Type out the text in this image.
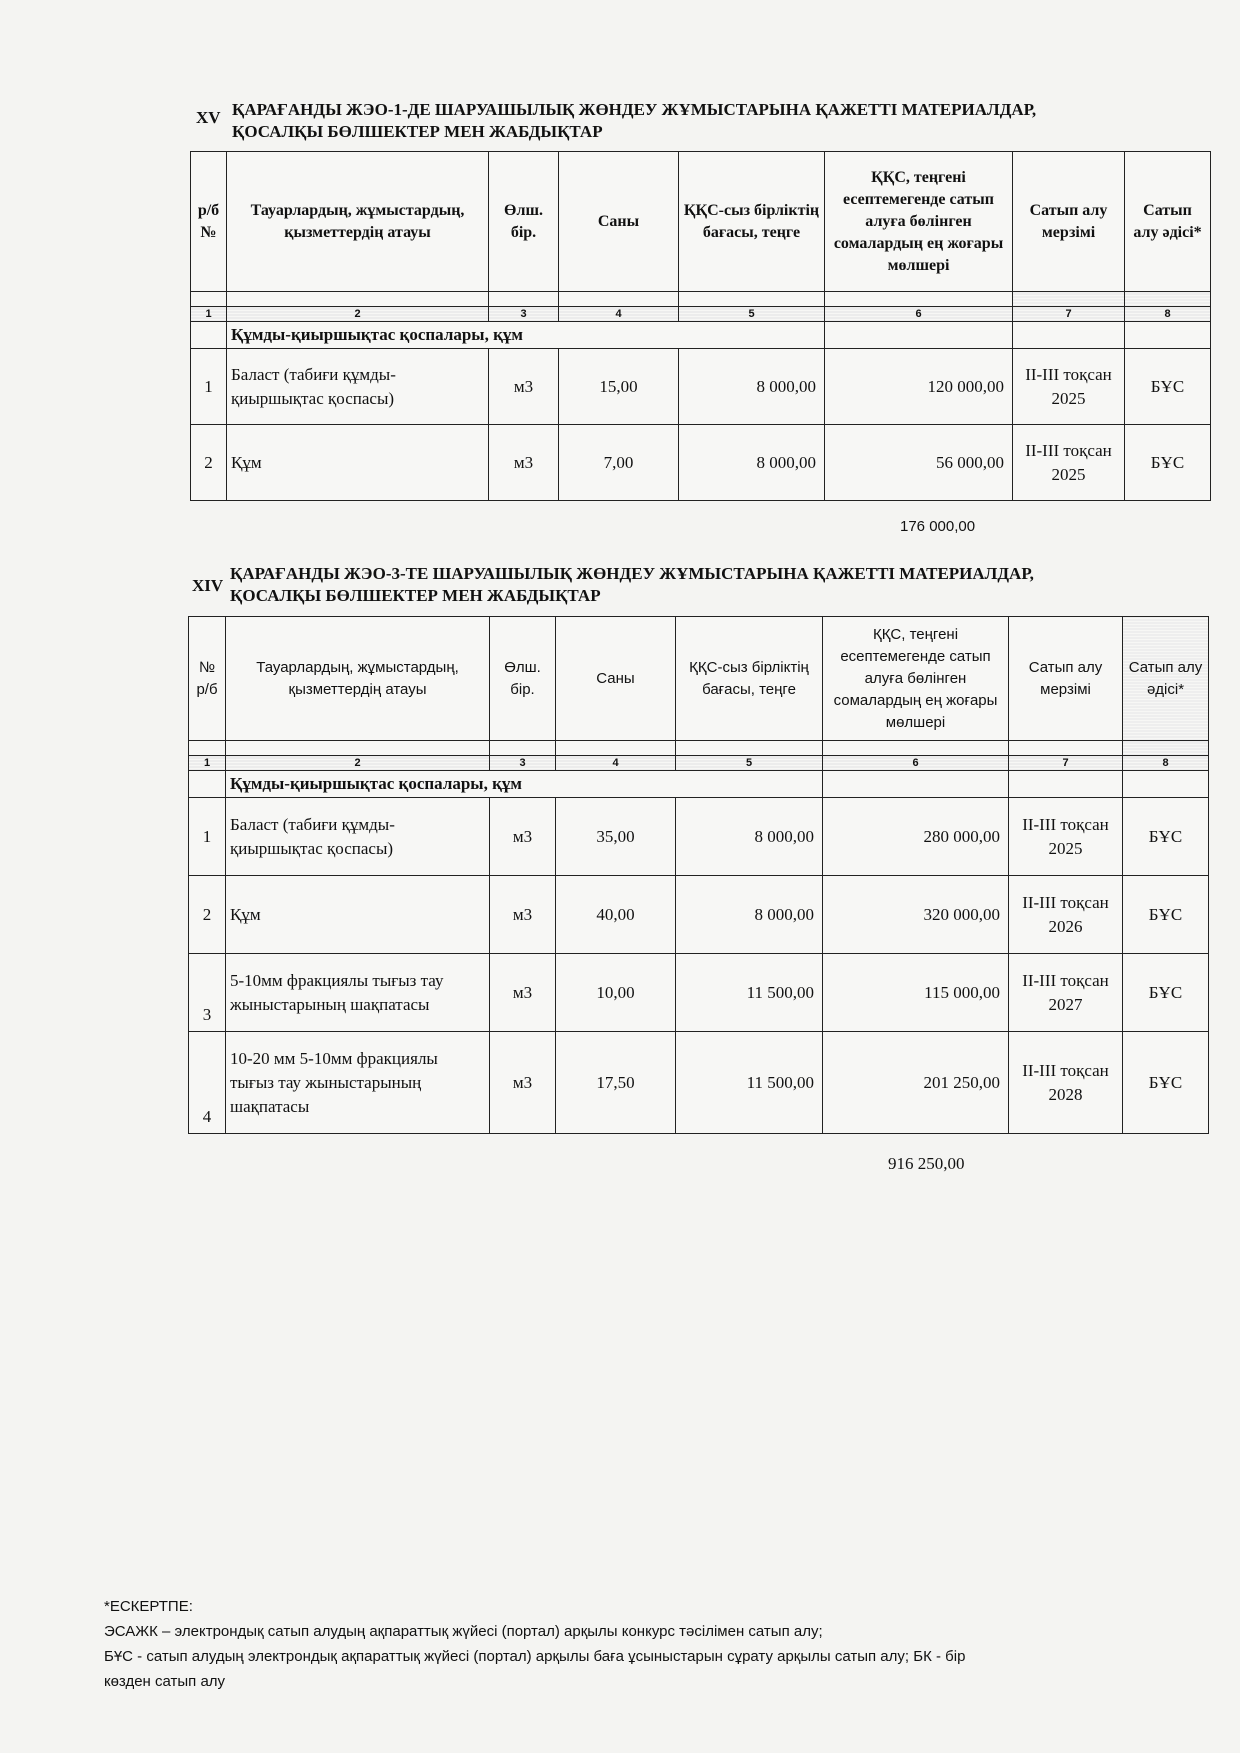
XV ҚАРАҒАНДЫ ЖЭО-1-ДЕ ШАРУАШЫЛЫҚ ЖӨНДЕУ ЖҰМЫСТАРЫНА ҚАЖЕТТІ МАТЕРИАЛДАР,
ҚОСАЛҚЫ БӨЛШЕКТЕР МЕН ЖАБДЫҚТАР
р/б №	Тауарлардың, жұмыстардың, қызметтердің атауы	Өлш. бір.	Саны	ҚҚС-сыз бірліктің бағасы, теңге	ҚҚС, теңгені есептемегенде сатып алуға бөлінген сомалардың ең жоғары мөлшері	Сатып алу мерзімі	Сатып алу әдісі*

1	2	3	4	5	6	7	8
	Құмды-қиыршықтас қоспалары, құм						
1	Баласт (табиғи құмды-қиыршықтас қоспасы)	м3	15,00	8 000,00	120 000,00	II-III тоқсан 2025	БҰС
2	Құм	м3	7,00	8 000,00	56 000,00	II-III тоқсан 2025	БҰС
176 000,00
XIV
ҚАРАҒАНДЫ ЖЭО-3-ТЕ ШАРУАШЫЛЫҚ ЖӨНДЕУ ЖҰМЫСТАРЫНА ҚАЖЕТТІ МАТЕРИАЛДАР,
ҚОСАЛҚЫ БӨЛШЕКТЕР МЕН ЖАБДЫҚТАР
№ р/б	Тауарлардың, жұмыстардың, қызметтердің атауы	Өлш. бір.	Саны	ҚҚС-сыз бірліктің бағасы, теңге	ҚҚС, теңгені есептемегенде сатып алуға бөлінген сомалардың ең жоғары мөлшері	Сатып алу мерзімі	Сатып алу әдісі*

1	2	3	4	5	6	7	8
	Құмды-қиыршықтас қоспалары, құм						
1	Баласт (табиғи құмды-қиыршықтас қоспасы)	м3	35,00	8 000,00	280 000,00	II-III тоқсан 2025	БҰС
2	Құм	м3	40,00	8 000,00	320 000,00	II-III тоқсан 2026	БҰС
3	5-10мм фракциялы тығыз тау жыныстарының шақпатасы	м3	10,00	11 500,00	115 000,00	II-III тоқсан 2027	БҰС
4	10-20 мм 5-10мм фракциялы тығыз тау жыныстарының шақпатасы	м3	17,50	11 500,00	201 250,00	II-III тоқсан 2028	БҰС
916 250,00
*ЕСКЕРТПЕ:
ЭСАЖК – электрондық сатып алудың ақпараттық жүйесі (портал) арқылы конкурс тәсілімен сатып алу;
БҰС - сатып алудың электрондық ақпараттық жүйесі (портал) арқылы баға ұсыныстарын сұрату арқылы сатып алу; БК - бір
көзден сатып алу
